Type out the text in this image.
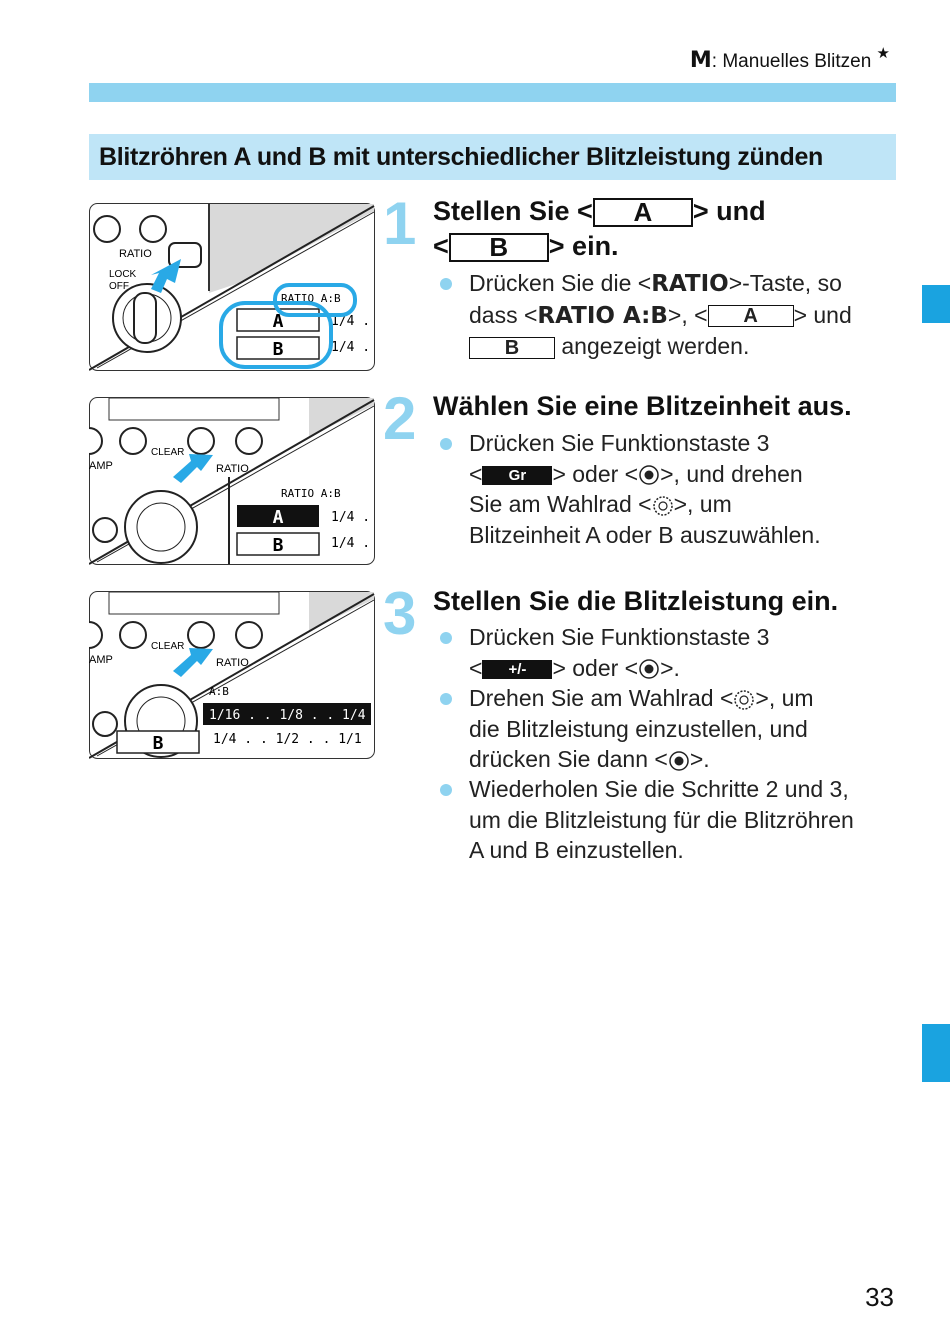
M: Manuelles Blitzen ★
Blitzröhren A und B mit unterschiedlicher Blitzleistung zünden
RATIO
LOCK
OFF
RATIO A:B
A
B
1/4 .
1/4 .
AMP
CLEAR
RATIO
RATIO A:B
A
B
1/4 .
1/4 .
AMP
CLEAR
RATIO
A:B
1/16 . . 1/8 . . 1/4
B	1/4 . . 1/2 . . 1/1
1 Stellen Sie < A > und
< B > ein.
Drücken Sie die <RATIO>-Taste, so
dass <RATIO A:B>, < A > und
B angezeigt werden.
2 Wählen Sie eine Blitzeinheit aus.
Drücken Sie Funktionstaste 3
< Gr > oder < >, und drehen
Sie am Wahlrad < >, um
Blitzeinheit A oder B auszuwählen.
3 Stellen Sie die Blitzleistung ein.
Drücken Sie Funktionstaste 3
< +/- > oder < >.
Drehen Sie am Wahlrad < >, um
die Blitzleistung einzustellen, und
drücken Sie dann < >.
Wiederholen Sie die Schritte 2 und 3,
um die Blitzleistung für die Blitzröhren
A und B einzustellen.
33
